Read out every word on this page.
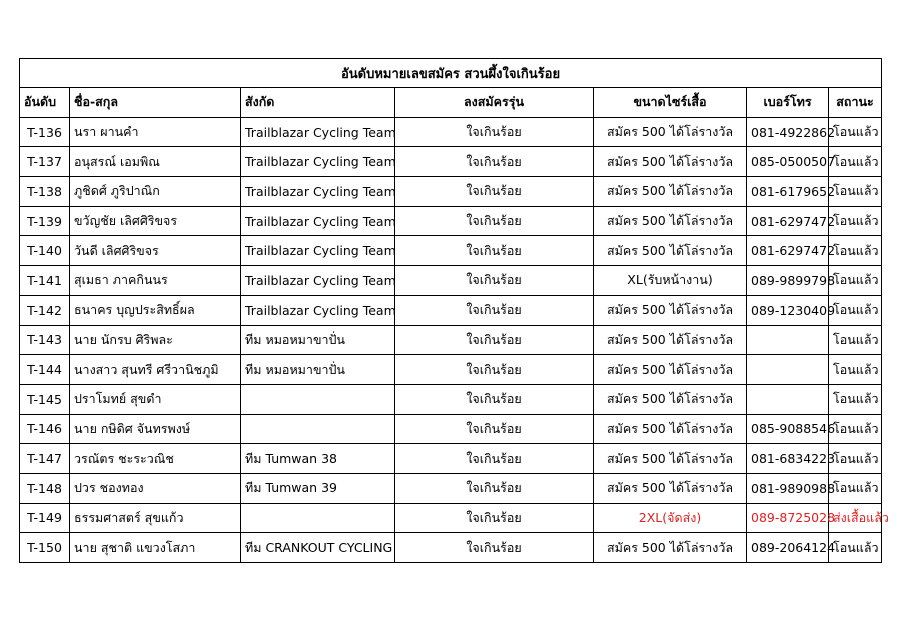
อันดับหมายเลขสมัคร สวนผึ้งใจเกินร้อย						
อันดับ	ชื่อ-สกุล	สังกัด	ลงสมัครรุ่น	ขนาดไซร์เสื้อ	เบอร์โทร	สถานะ
T-136	นรา ผานคำ	Trailblazar Cycling Team	ใจเกินร้อย	สมัคร 500 ได้โล่รางวัล	081-4922862	โอนแล้ว
T-137	อนุสรณ์ เอมพิณ	Trailblazar Cycling Team	ใจเกินร้อย	สมัคร 500 ได้โล่รางวัล	085-0500507	โอนแล้ว
T-138	ภูชิดศ์ ภูริปาณิก	Trailblazar Cycling Team	ใจเกินร้อย	สมัคร 500 ได้โล่รางวัล	081-6179652	โอนแล้ว
T-139	ขวัญชัย เลิศศิริขจร	Trailblazar Cycling Team	ใจเกินร้อย	สมัคร 500 ได้โล่รางวัล	081-6297472	โอนแล้ว
T-140	วันดี เลิศศิริขจร	Trailblazar Cycling Team	ใจเกินร้อย	สมัคร 500 ได้โล่รางวัล	081-6297472	โอนแล้ว
T-141	สุเมธา ภาคกินนร	Trailblazar Cycling Team	ใจเกินร้อย	XL(รับหน้างาน)	089-9899798	โอนแล้ว
T-142	ธนาคร บุญประสิทธิ์ผล	Trailblazar Cycling Team	ใจเกินร้อย	สมัคร 500 ได้โล่รางวัล	089-1230409	โอนแล้ว
T-143	นาย นักรบ ศิริพละ	ทีม หมอหมาขาปั่น	ใจเกินร้อย	สมัคร 500 ได้โล่รางวัล		โอนแล้ว
T-144	นางสาว สุนทรี ศรีวานิชภูมิ	ทีม หมอหมาขาปั่น	ใจเกินร้อย	สมัคร 500 ได้โล่รางวัล		โอนแล้ว
T-145	ปราโมทย์ สุขดำ		ใจเกินร้อย	สมัคร 500 ได้โล่รางวัล		โอนแล้ว
T-146	นาย กษิดิศ จันทรพงษ์		ใจเกินร้อย	สมัคร 500 ได้โล่รางวัล	085-9088546	โอนแล้ว
T-147	วรณัตร ชะระวณิช	ทีม Tumwan 38	ใจเกินร้อย	สมัคร 500 ได้โล่รางวัล	081-6834223	โอนแล้ว
T-148	ปวร ชองทอง	ทีม Tumwan 39	ใจเกินร้อย	สมัคร 500 ได้โล่รางวัล	081-9890988	โอนแล้ว
T-149	ธรรมศาสตร์ สุขแก้ว		ใจเกินร้อย	2XL(จัดส่ง)	089-8725028	ส่งเสื้อแล้ว
T-150	นาย สุชาติ แขวงโสภา	ทีม CRANKOUT CYCLING	ใจเกินร้อย	สมัคร 500 ได้โล่รางวัล	089-2064124	โอนแล้ว
